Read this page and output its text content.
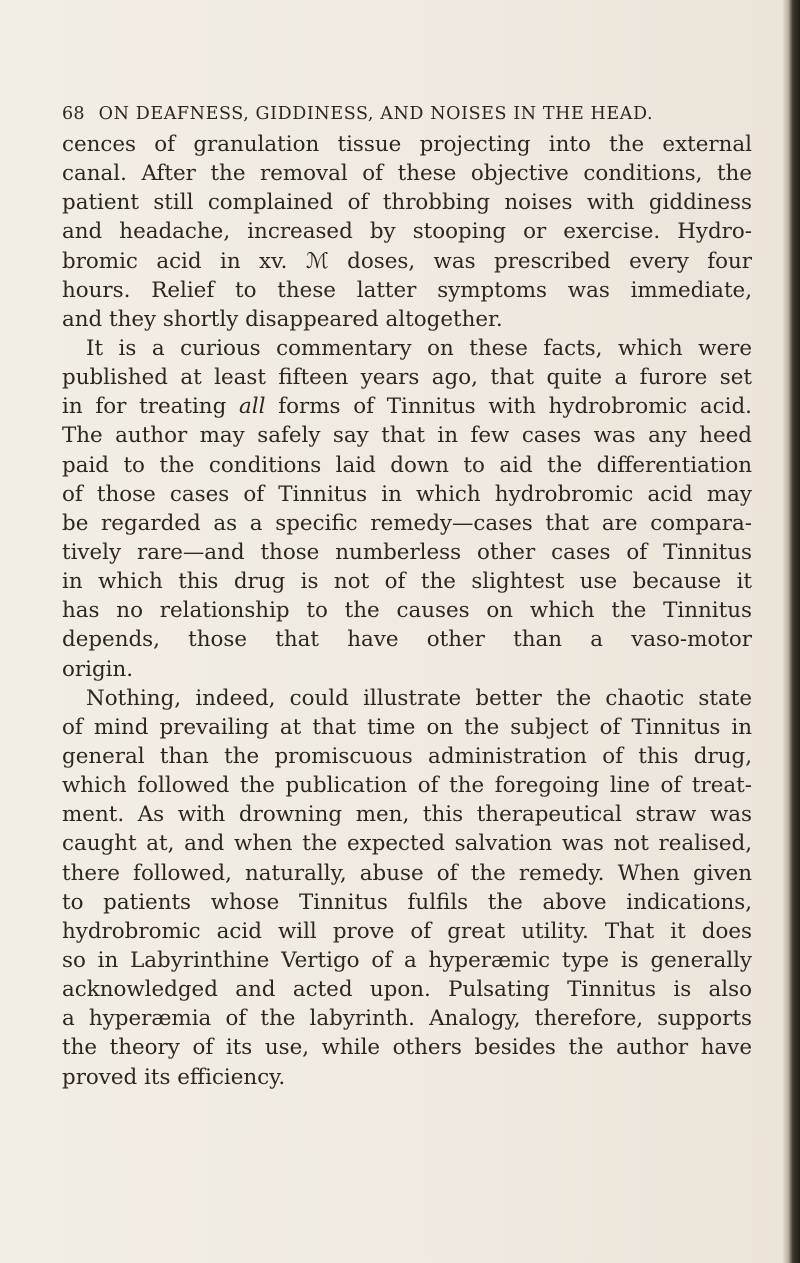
68 ON DEAFNESS, GIDDINESS, AND NOISES IN THE HEAD.

cences of granulation tissue projecting into the external
canal. After the removal of these objective conditions, the
patient still complained of throbbing noises with giddiness
and headache, increased by stooping or exercise. Hydro-
bromic acid in xv. ℳ doses, was prescribed every four
hours. Relief to these latter symptoms was immediate,
and they shortly disappeared altogether.

It is a curious commentary on these facts, which were
published at least fifteen years ago, that quite a furore set
in for treating all forms of Tinnitus with hydrobromic acid.
The author may safely say that in few cases was any heed
paid to the conditions laid down to aid the differentiation
of those cases of Tinnitus in which hydrobromic acid may
be regarded as a specific remedy—cases that are compara-
tively rare—and those numberless other cases of Tinnitus
in which this drug is not of the slightest use because it
has no relationship to the causes on which the Tinnitus
depends, those that have other than a vaso-motor
origin.

Nothing, indeed, could illustrate better the chaotic state
of mind prevailing at that time on the subject of Tinnitus in
general than the promiscuous administration of this drug,
which followed the publication of the foregoing line of treat-
ment. As with drowning men, this therapeutical straw was
caught at, and when the expected salvation was not realised,
there followed, naturally, abuse of the remedy. When given
to patients whose Tinnitus fulfils the above indications,
hydrobromic acid will prove of great utility. That it does
so in Labyrinthine Vertigo of a hyperæmic type is generally
acknowledged and acted upon. Pulsating Tinnitus is also
a hyperæmia of the labyrinth. Analogy, therefore, supports
the theory of its use, while others besides the author have
proved its efficiency.
